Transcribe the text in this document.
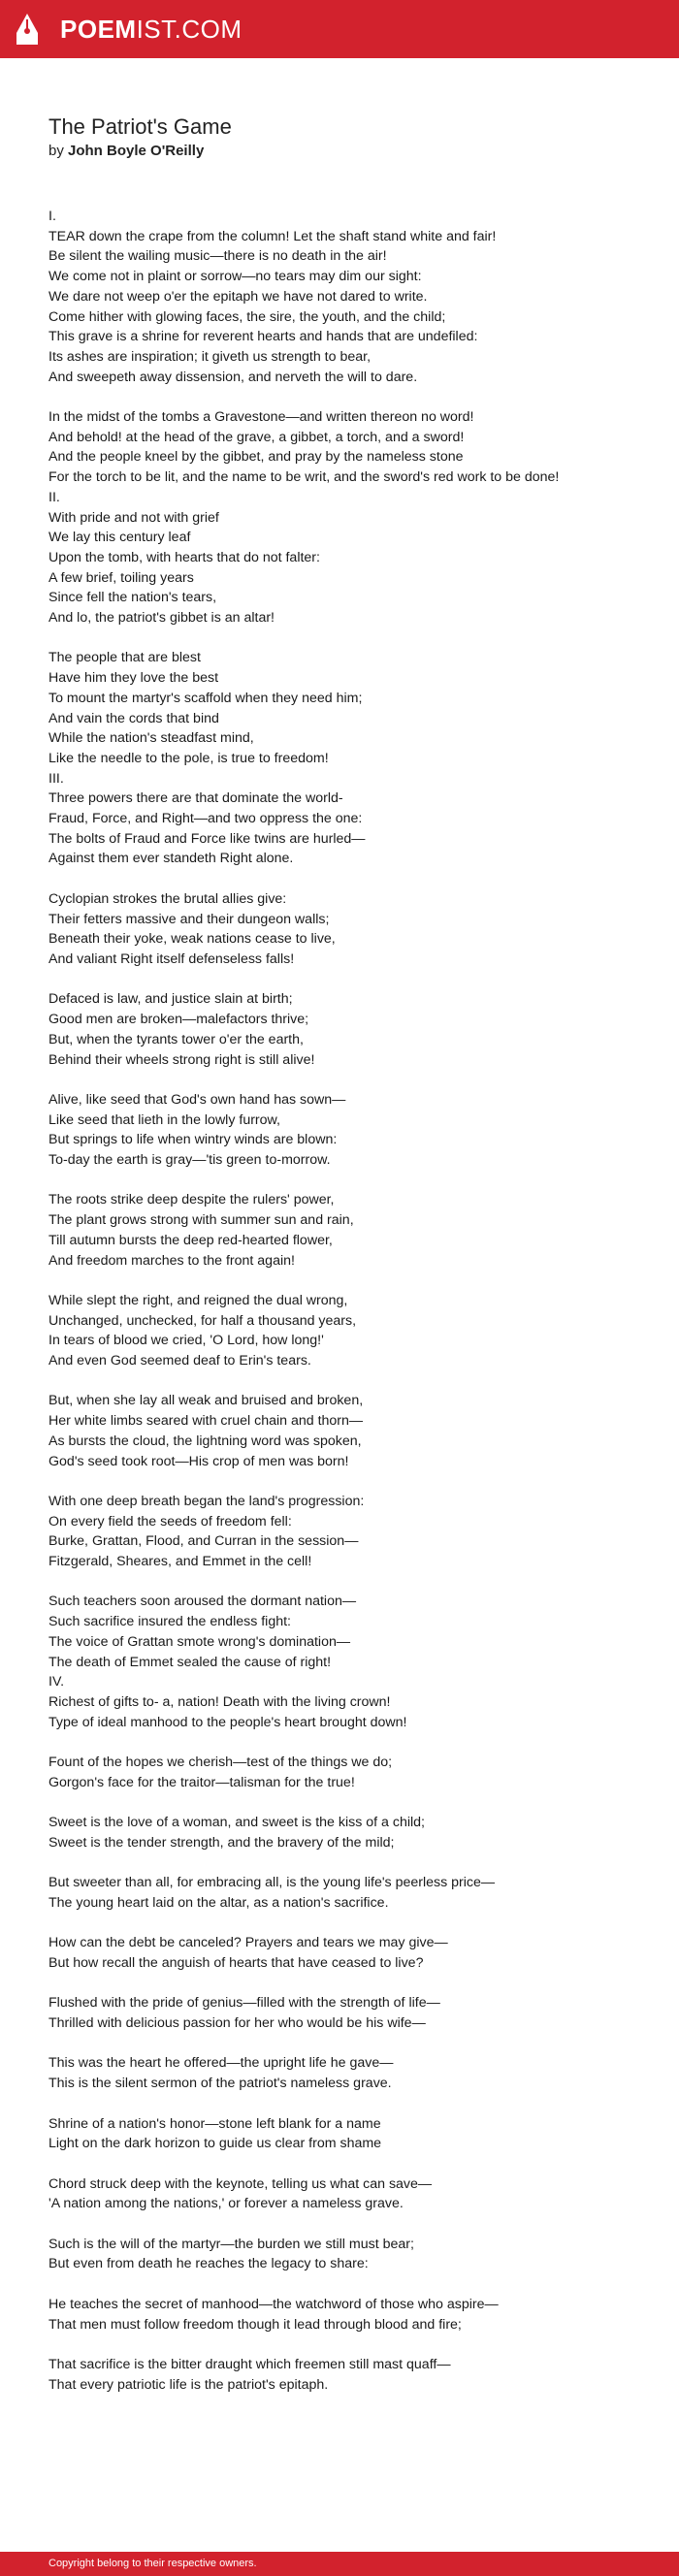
POEMIST.COM
The Patriot's Game
by John Boyle O'Reilly
I.
TEAR down the crape from the column! Let the shaft stand white and fair!
Be silent the wailing music—there is no death in the air!
We come not in plaint or sorrow—no tears may dim our sight:
We dare not weep o'er the epitaph we have not dared to write.
Come hither with glowing faces, the sire, the youth, and the child;
This grave is a shrine for reverent hearts and hands that are undefiled:
Its ashes are inspiration; it giveth us strength to bear,
And sweepeth away dissension, and nerveth the will to dare.
In the midst of the tombs a Gravestone—and written thereon no word!
And behold! at the head of the grave, a gibbet, a torch, and a sword!
And the people kneel by the gibbet, and pray by the nameless stone
For the torch to be lit, and the name to be writ, and the sword's red work to be done!
II.
With pride and not with grief
We lay this century leaf
Upon the tomb, with hearts that do not falter:
A few brief, toiling years
Since fell the nation's tears,
And lo, the patriot's gibbet is an altar!

The people that are blest
Have him they love the best
To mount the martyr's scaffold when they need him;
And vain the cords that bind
While the nation's steadfast mind,
Like the needle to the pole, is true to freedom!
III.
Three powers there are that dominate the world-
Fraud, Force, and Right—and two oppress the one:
The bolts of Fraud and Force like twins are hurled—
Against them ever standeth Right alone.

Cyclopian strokes the brutal allies give:
Their fetters massive and their dungeon walls;
Beneath their yoke, weak nations cease to live,
And valiant Right itself defenseless falls!
Defaced is law, and justice slain at birth;
Good men are broken—malefactors thrive;
But, when the tyrants tower o'er the earth,
Behind their wheels strong right is still alive!
Alive, like seed that God's own hand has sown—
Like seed that lieth in the lowly furrow,
But springs to life when wintry winds are blown:
To-day the earth is gray—'tis green to-morrow.
The roots strike deep despite the rulers' power,
The plant grows strong with summer sun and rain,
Till autumn bursts the deep red-hearted flower,
And freedom marches to the front again!
While slept the right, and reigned the dual wrong,
Unchanged, unchecked, for half a thousand years,
In tears of blood we cried, 'O Lord, how long!'
And even God seemed deaf to Erin's tears.
But, when she lay all weak and bruised and broken,
Her white limbs seared with cruel chain and thorn—
As bursts the cloud, the lightning word was spoken,
God's seed took root—His crop of men was born!
With one deep breath began the land's progression:
On every field the seeds of freedom fell:
Burke, Grattan, Flood, and Curran in the session—
Fitzgerald, Sheares, and Emmet in the cell!
Such teachers soon aroused the dormant nation—
Such sacrifice insured the endless fight:
The voice of Grattan smote wrong's domination—
The death of Emmet sealed the cause of right!
IV.
Richest of gifts to- a, nation! Death with the living crown!
Type of ideal manhood to the people's heart brought down!

Fount of the hopes we cherish—test of the things we do;
Gorgon's face for the traitor—talisman for the true!
Sweet is the love of a woman, and sweet is the kiss of a child;
Sweet is the tender strength, and the bravery of the mild;
But sweeter than all, for embracing all, is the young life's peerless price—
The young heart laid on the altar, as a nation's sacrifice.
How can the debt be canceled? Prayers and tears we may give—
But how recall the anguish of hearts that have ceased to live?
Flushed with the pride of genius—filled with the strength of life—
Thrilled with delicious passion for her who would be his wife—
This was the heart he offered—the upright life he gave—
This is the silent sermon of the patriot's nameless grave.
Shrine of a nation's honor—stone left blank for a name
Light on the dark horizon to guide us clear from shame
Chord struck deep with the keynote, telling us what can save—
'A nation among the nations,' or forever a nameless grave.
Such is the will of the martyr—the burden we still must bear;
But even from death he reaches the legacy to share:
He teaches the secret of manhood—the watchword of those who aspire—
That men must follow freedom though it lead through blood and fire;
That sacrifice is the bitter draught which freemen still mast quaff—
That every patriotic life is the patriot's epitaph.
Copyright belong to their respective owners.
